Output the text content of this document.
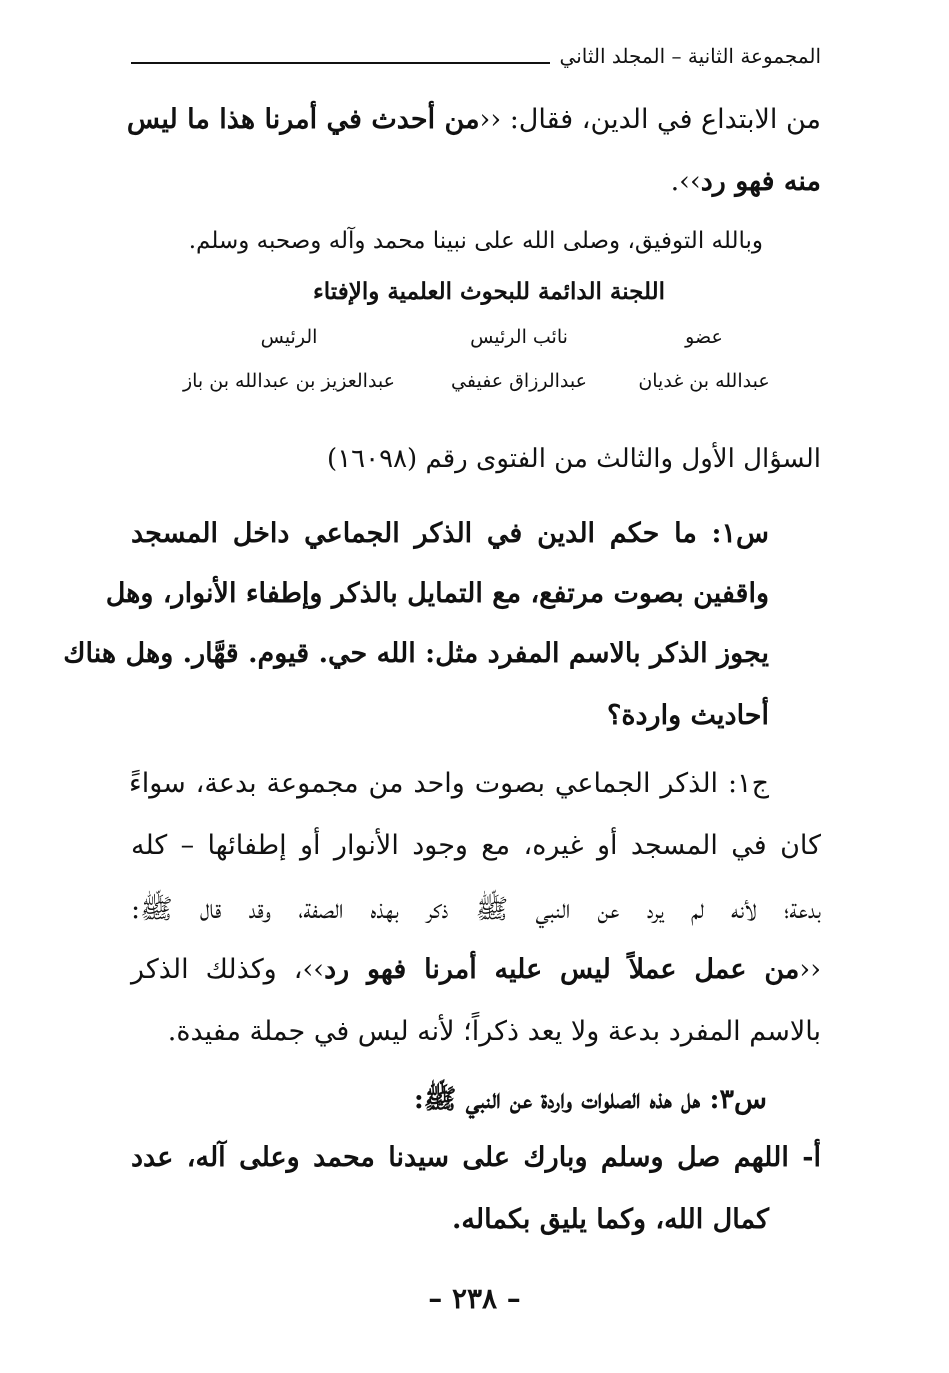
المجموعة الثانية – المجلد الثاني
من الابتداع في الدين، فقال: ‹‹من أحدث في أمرنا هذا ما ليس
منه فهو رد››.
وبالله التوفيق، وصلى الله على نبينا محمد وآله وصحبه وسلم.
اللجنة الدائمة للبحوث العلمية والإفتاء
عضو
نائب الرئيس
الرئيس
عبدالله بن غديان
عبدالرزاق عفيفي
عبدالعزيز بن عبدالله بن باز
السؤال الأول والثالث من الفتوى رقم (١٦٠٩٨)
س١: ما حكم الدين في الذكر الجماعي داخل المسجد
واقفين بصوت مرتفع، مع التمايل بالذكر وإطفاء الأنوار، وهل
يجوز الذكر بالاسم المفرد مثل: الله حي. قيوم. قهَّار. وهل هناك
أحاديث واردة؟
ج١: الذكر الجماعي بصوت واحد من مجموعة بدعة، سواءً
كان في المسجد أو غيره، مع وجود الأنوار أو إطفائها – كله
بدعة؛ لأنه لم يرد عن النبي ﷺ ذكر بهذه الصفة، وقد قال ﷺ:
‹‹من عمل عملاً ليس عليه أمرنا فهو رد››، وكذلك الذكر
بالاسم المفرد بدعة ولا يعد ذكراً؛ لأنه ليس في جملة مفيدة.
س٣: هل هذه الصلوات واردة عن النبي ﷺ:
أ- اللهم صل وسلم وبارك على سيدنا محمد وعلى آله، عدد
كمال الله، وكما يليق بكماله.
– ٢٣٨ –
